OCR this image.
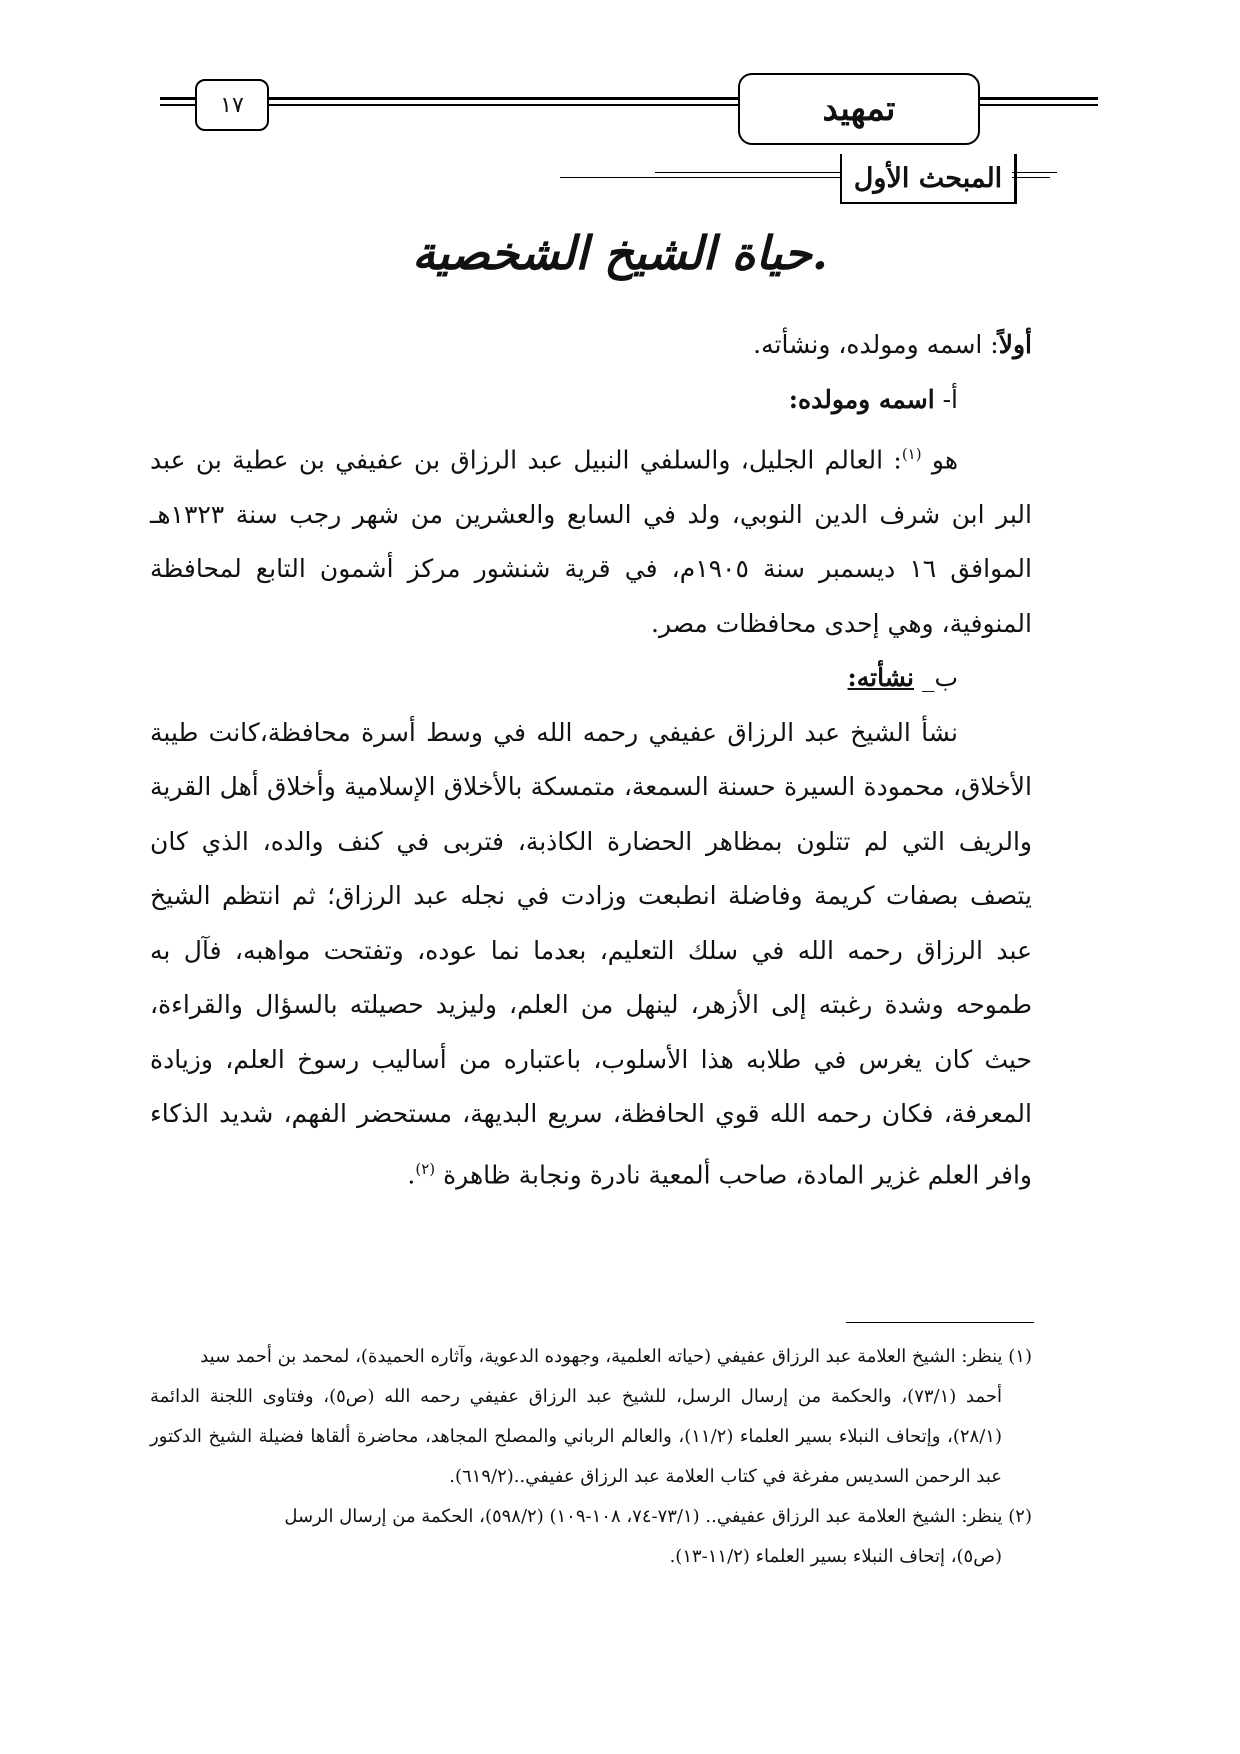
١٧	تمهيد
المبحث الأول
حياة الشيخ الشخصية.

أولاً: اسمه ومولده، ونشأته.

أ- اسمه ومولده:

هو $^{(١)}$: العالم الجليل، والسلفي النبيل عبد الرزاق بن عفيفي بن عطية بن عبد البر ابن شرف الدين النوبي، ولد في السابع والعشرين من شهر رجب سنة ١٣٢٣هـ الموافق ١٦ ديسمبر سنة ١٩٠٥م، في قرية شنشور مركز أشمون التابع لمحافظة المنوفية، وهي إحدى محافظات مصر.

ب_ نشأته:

نشأ الشيخ عبد الرزاق عفيفي رحمه الله في وسط أسرة محافظة،كانت طيبة الأخلاق، محمودة السيرة حسنة السمعة، متمسكة بالأخلاق الإسلامية وأخلاق أهل القرية والريف التي لم تتلون بمظاهر الحضارة الكاذبة، فتربى في كنف والده، الذي كان يتصف بصفات كريمة وفاضلة انطبعت وزادت في نجله عبد الرزاق؛ ثم انتظم الشيخ عبد الرزاق رحمه الله في سلك التعليم، بعدما نما عوده، وتفتحت مواهبه، فآل به طموحه وشدة رغبته إلى الأزهر، لينهل من العلم، وليزيد حصيلته بالسؤال والقراءة، حيث كان يغرس في طلابه هذا الأسلوب، باعتباره من أساليب رسوخ العلم، وزيادة المعرفة، فكان رحمه الله قوي الحافظة، سريع البديهة، مستحضر الفهم، شديد الذكاء وافر العلم غزير المادة، صاحب ألمعية نادرة ونجابة ظاهرة $^{(٢)}$.

(١) ينظر: الشيخ العلامة عبد الرزاق عفيفي (حياته العلمية، وجهوده الدعوية، وآثاره الحميدة)، لمحمد بن أحمد سيد

أحمد (٧٣/١)، والحكمة من إرسال الرسل، للشيخ عبد الرزاق عفيفي رحمه الله (ص٥)، وفتاوى اللجنة الدائمة (٢٨/١)، وإتحاف النبلاء بسير العلماء (١١/٢)، والعالم الرباني والمصلح المجاهد، محاضرة ألقاها فضيلة الشيخ الدكتور عبد الرحمن السديس مفرغة في كتاب العلامة عبد الرزاق عفيفي..(٦١٩/٢).

(٢) ينظر: الشيخ العلامة عبد الرزاق عفيفي.. (٧٣/١-٧٤، ١٠٨-١٠٩) (٥٩٨/٢)، الحكمة من إرسال الرسل

(ص٥)، إتحاف النبلاء بسير العلماء (١١/٢-١٣).
